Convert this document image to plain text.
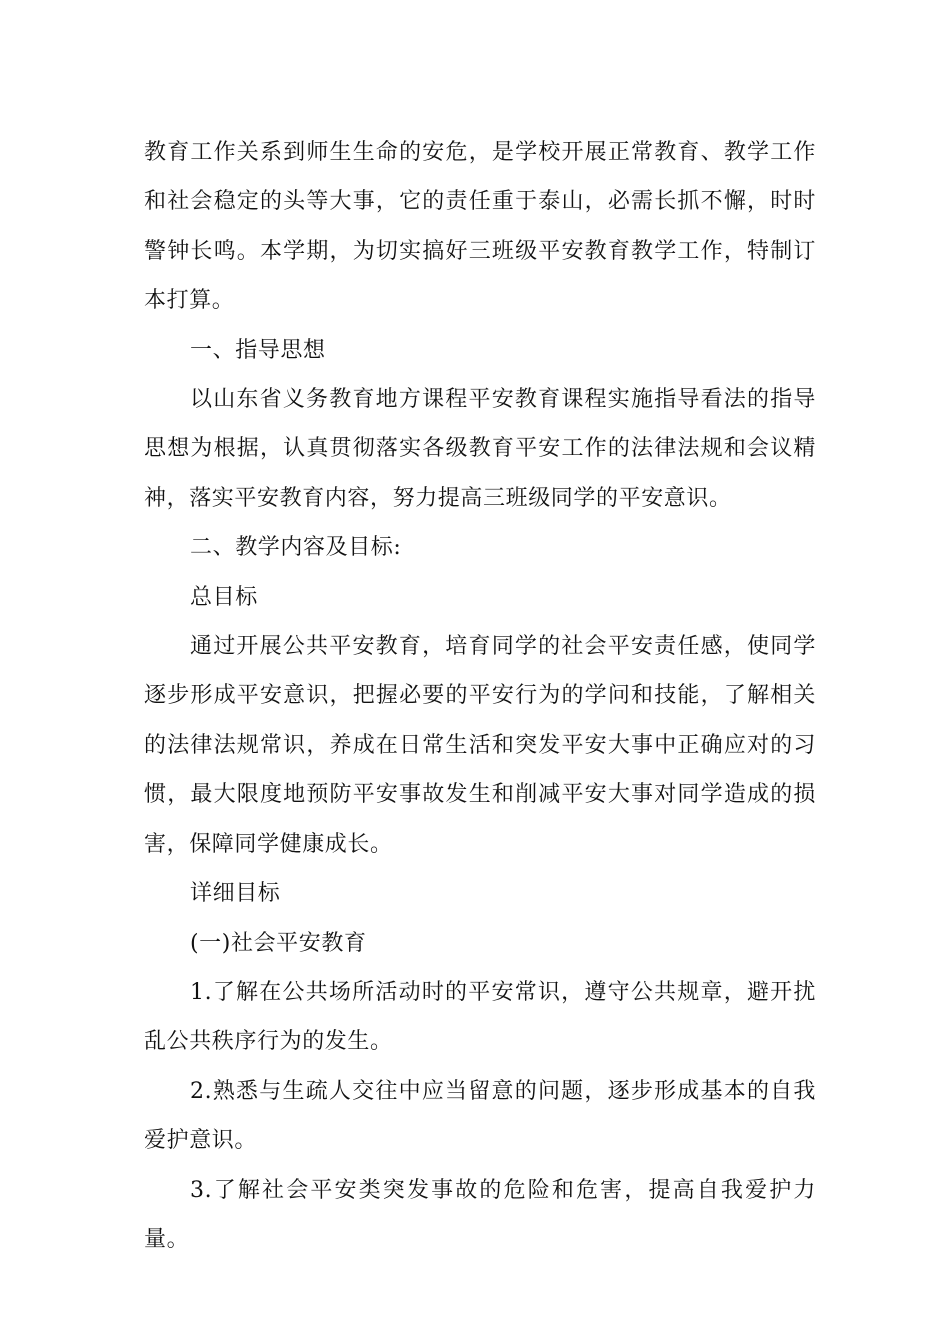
教育工作关系到师生生命的安危，是学校开展正常教育、教学工作和社会稳定的头等大事，它的责任重于泰山，必需长抓不懈，时时警钟长鸣。本学期，为切实搞好三班级平安教育教学工作，特制订本打算。

一、指导思想

以山东省义务教育地方课程平安教育课程实施指导看法的指导思想为根据，认真贯彻落实各级教育平安工作的法律法规和会议精神，落实平安教育内容，努力提高三班级同学的平安意识。

二、教学内容及目标:

总目标

通过开展公共平安教育，培育同学的社会平安责任感，使同学逐步形成平安意识，把握必要的平安行为的学问和技能，了解相关的法律法规常识，养成在日常生活和突发平安大事中正确应对的习惯，最大限度地预防平安事故发生和削减平安大事对同学造成的损害，保障同学健康成长。

详细目标

(一)社会平安教育

1.了解在公共场所活动时的平安常识，遵守公共规章，避开扰乱公共秩序行为的发生。

2.熟悉与生疏人交往中应当留意的问题，逐步形成基本的自我爱护意识。

3.了解社会平安类突发事故的危险和危害，提高自我爱护力量。
